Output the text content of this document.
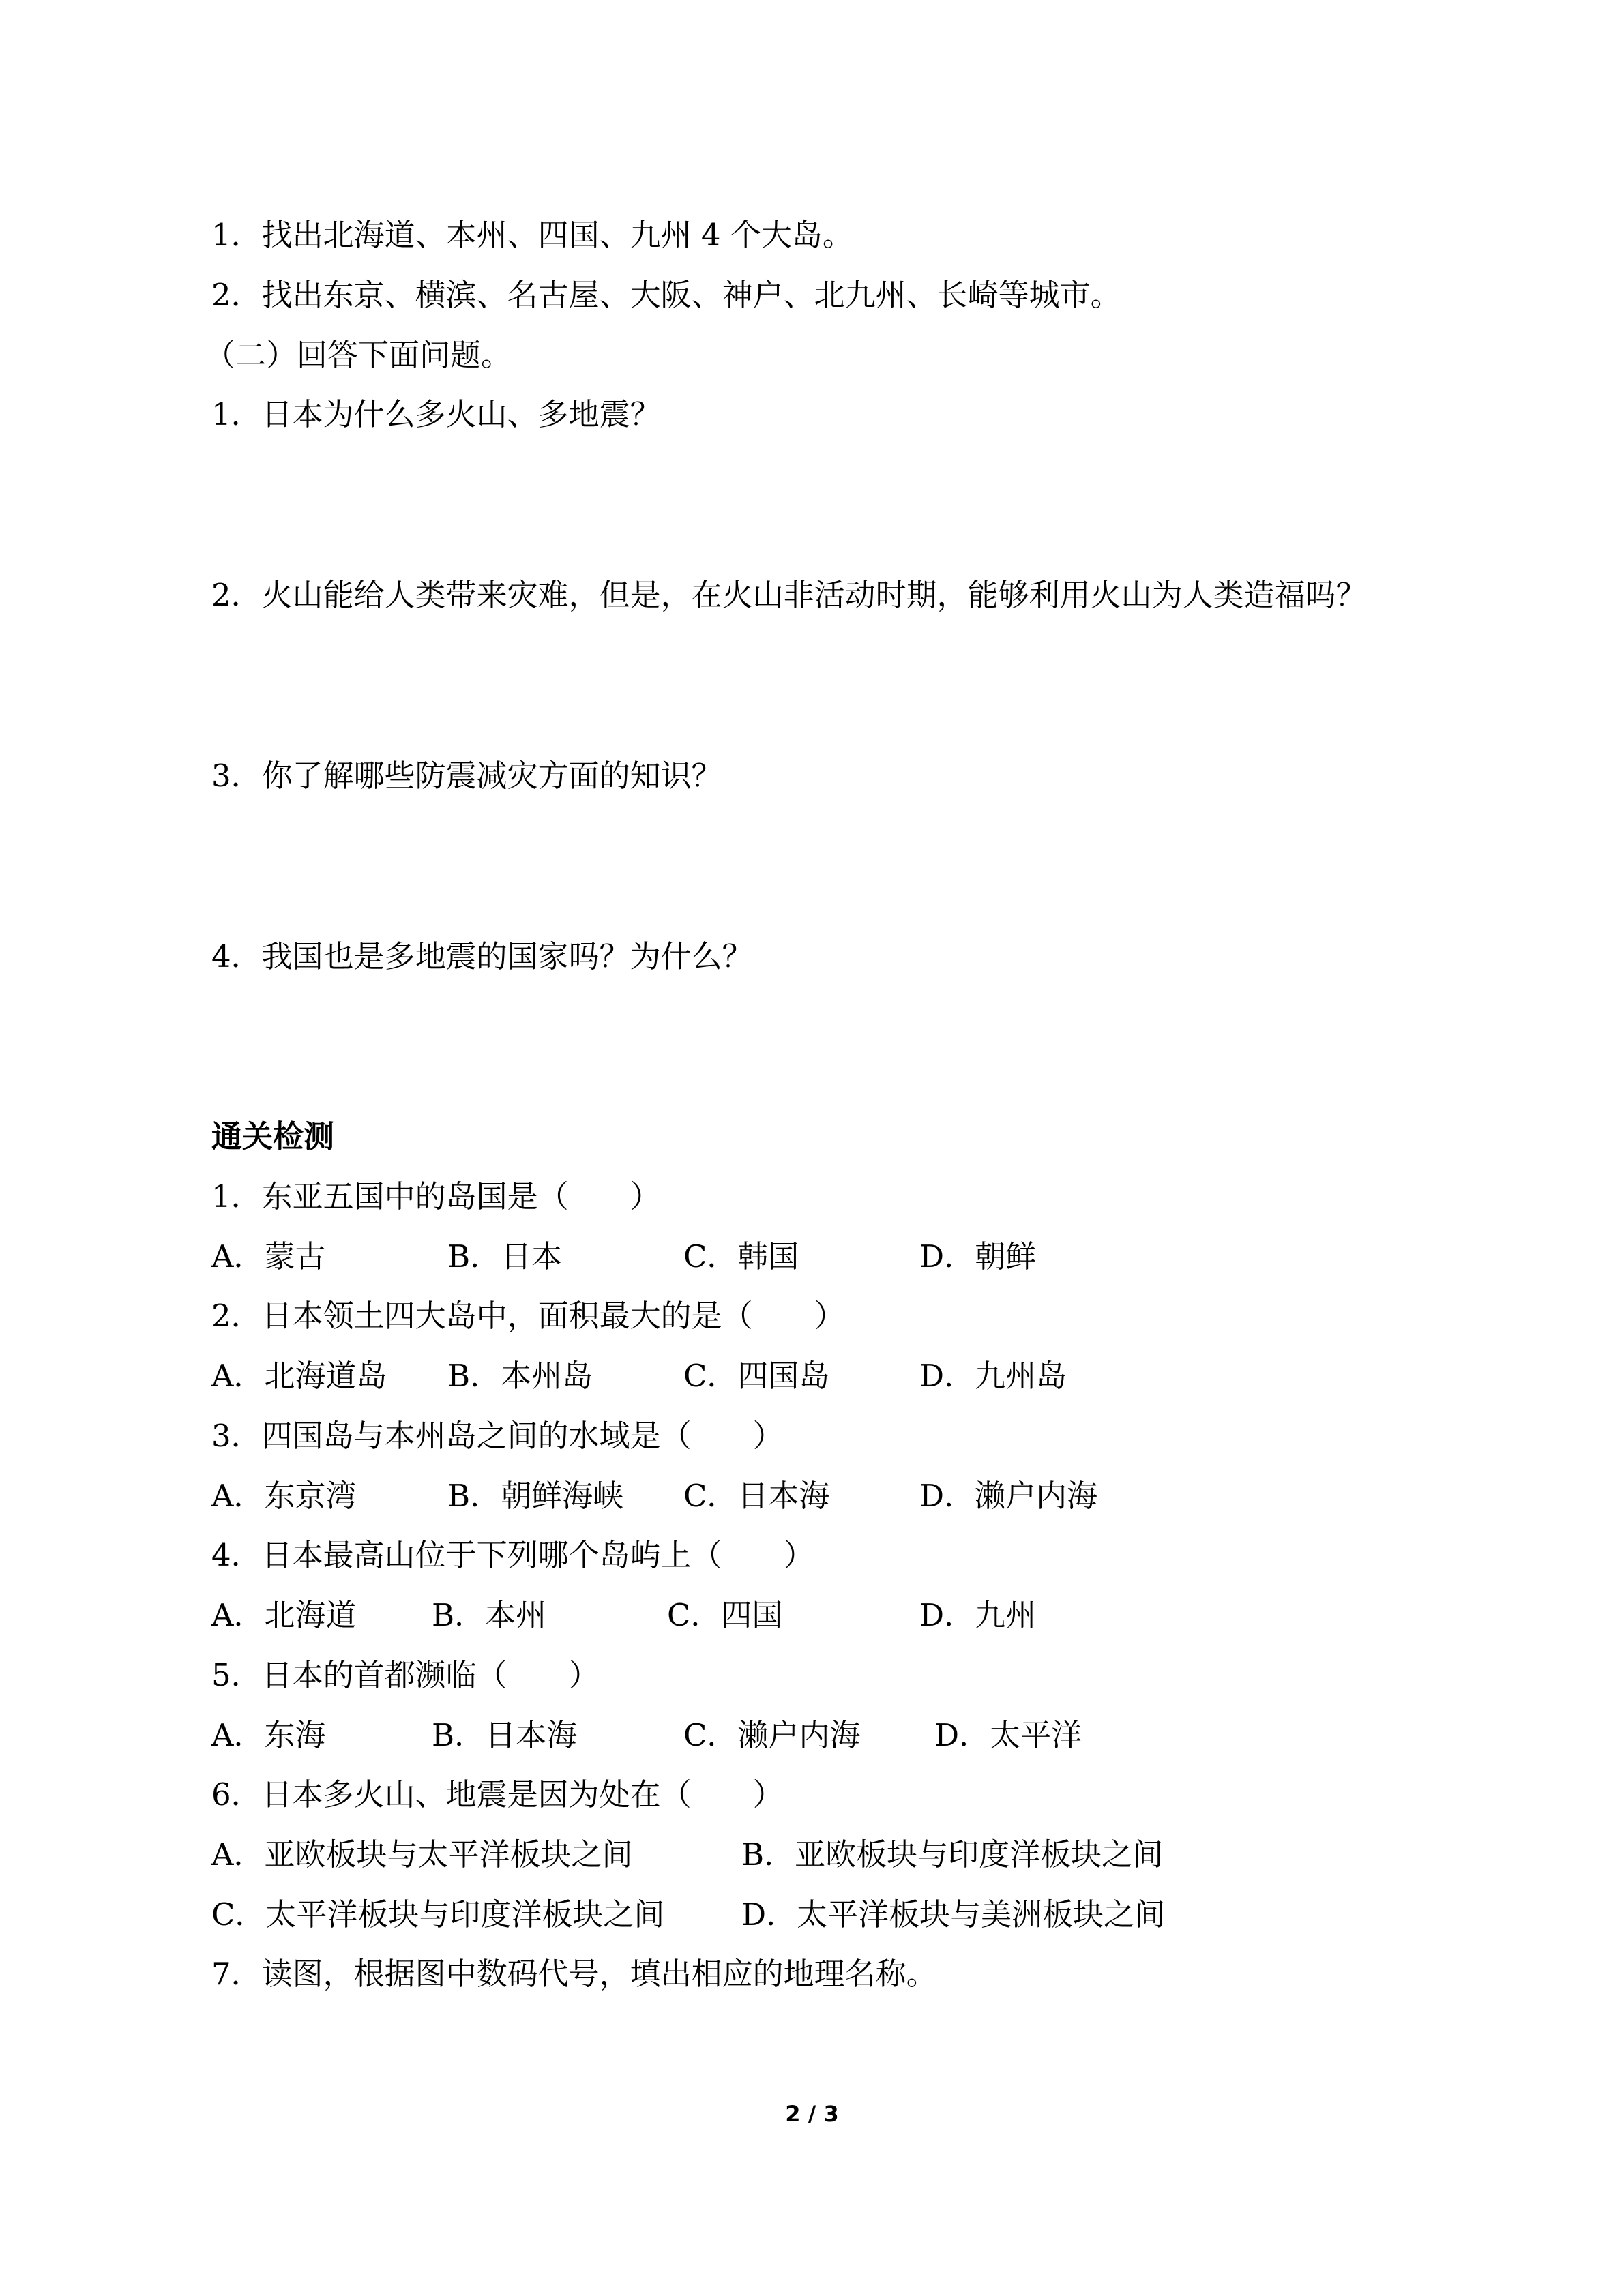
1．找出北海道、本州、四国、九州 4 个大岛。
2．找出东京、横滨、名古屋、大阪、神户、北九州、长崎等城市。
（二）回答下面问题。
1．日本为什么多火山、多地震？
2．火山能给人类带来灾难，但是，在火山非活动时期，能够利用火山为人类造福吗？
3．你了解哪些防震减灾方面的知识？
4．我国也是多地震的国家吗？为什么？
通关检测
1．东亚五国中的岛国是（　　）
A．蒙古	B．日本	C．韩国	D．朝鲜
2．日本领土四大岛中，面积最大的是（　　）
A．北海道岛 B．本州岛	C．四国岛	D．九州岛
3．四国岛与本州岛之间的水域是（　　）
A．东京湾	B．朝鲜海峡 C．日本海	D．濑户内海
4．日本最高山位于下列哪个岛屿上（　　）
A．北海道 B．本州	C．四国	D．九州
5．日本的首都濒临（　　）
A．东海	B．日本海	C．濑户内海 D．太平洋
6．日本多火山、地震是因为处在（　　）
A．亚欧板块与太平洋板块之间	B．亚欧板块与印度洋板块之间
C．太平洋板块与印度洋板块之间	D．太平洋板块与美洲板块之间
7．读图，根据图中数码代号，填出相应的地理名称。
2 / 3
